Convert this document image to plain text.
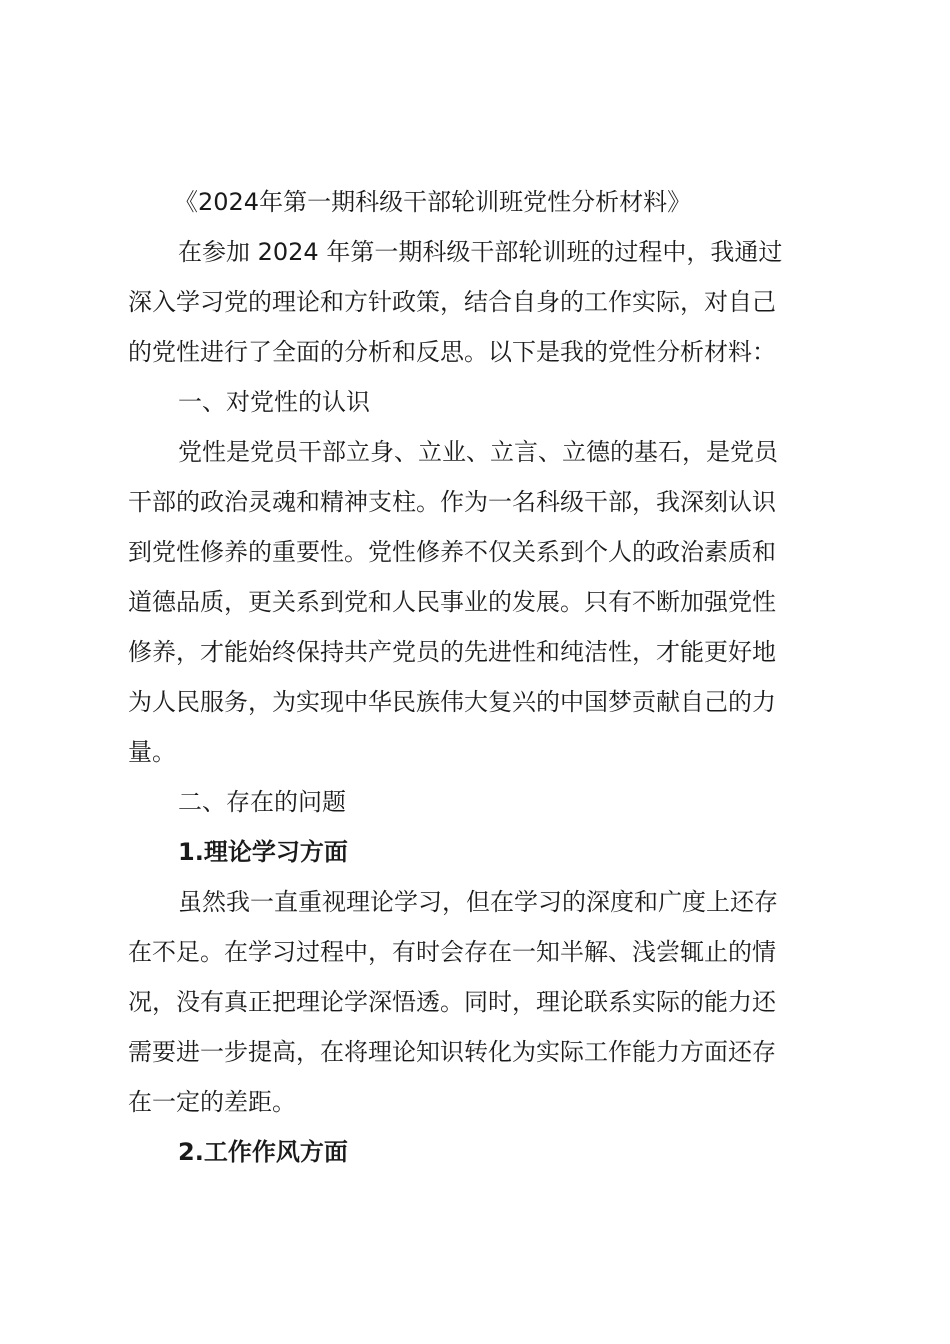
《2024年第一期科级干部轮训班党性分析材料》
在参加 2024 年第一期科级干部轮训班的过程中，我通过
深入学习党的理论和方针政策，结合自身的工作实际，对自己
的党性进行了全面的分析和反思。以下是我的党性分析材料：
一、对党性的认识
党性是党员干部立身、立业、立言、立德的基石，是党员
干部的政治灵魂和精神支柱。作为一名科级干部，我深刻认识
到党性修养的重要性。党性修养不仅关系到个人的政治素质和
道德品质，更关系到党和人民事业的发展。只有不断加强党性
修养，才能始终保持共产党员的先进性和纯洁性，才能更好地
为人民服务，为实现中华民族伟大复兴的中国梦贡献自己的力
量。
二、存在的问题
1.理论学习方面
虽然我一直重视理论学习，但在学习的深度和广度上还存
在不足。在学习过程中，有时会存在一知半解、浅尝辄止的情
况，没有真正把理论学深悟透。同时，理论联系实际的能力还
需要进一步提高，在将理论知识转化为实际工作能力方面还存
在一定的差距。
2.工作作风方面
